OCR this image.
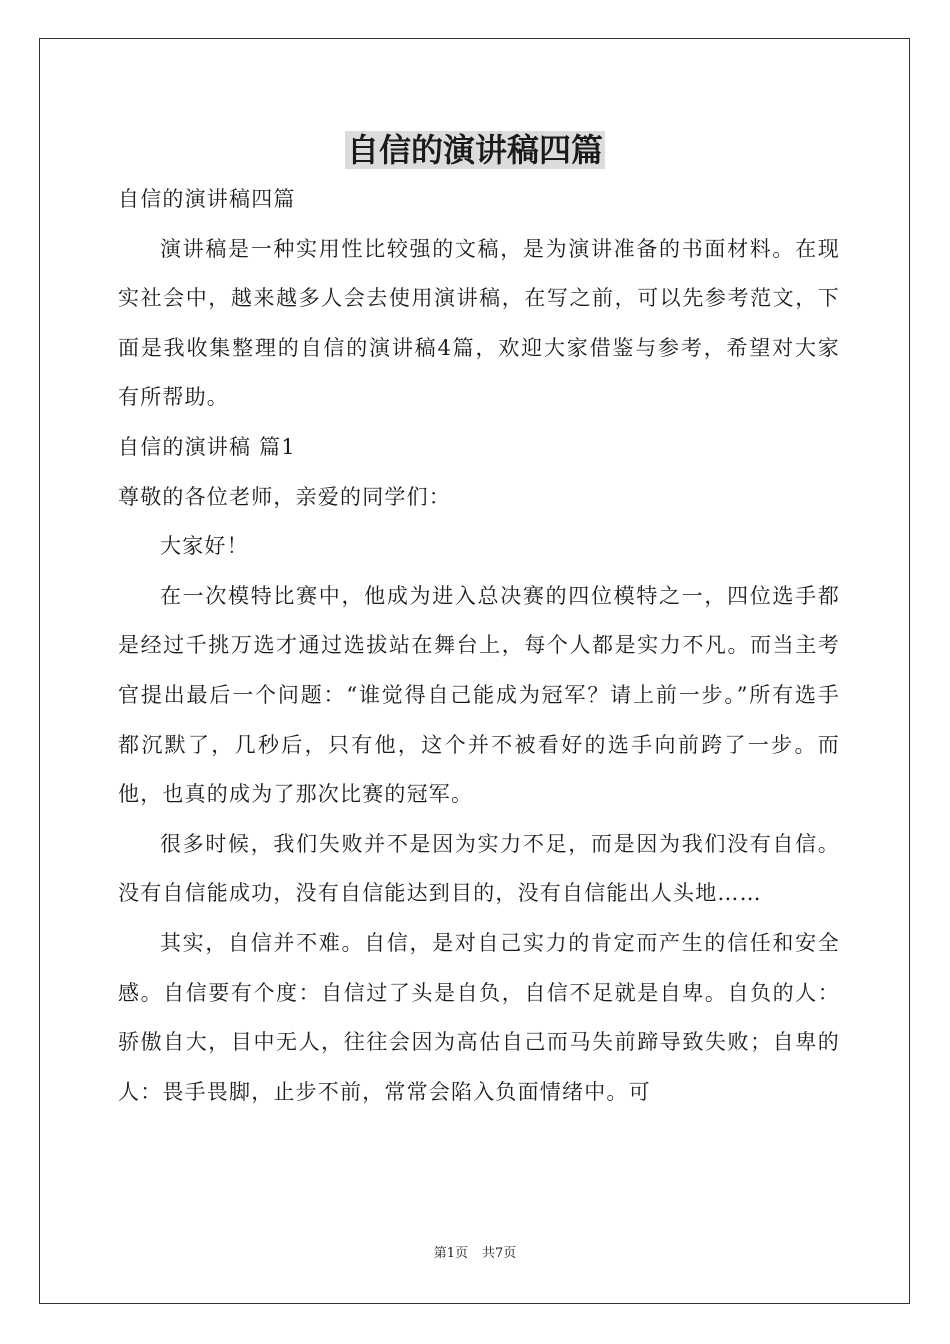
自信的演讲稿四篇

自信的演讲稿四篇

演讲稿是一种实用性比较强的文稿，是为演讲准备的书面材料。在现实社会中，越来越多人会去使用演讲稿，在写之前，可以先参考范文，下面是我收集整理的自信的演讲稿4篇，欢迎大家借鉴与参考，希望对大家有所帮助。

自信的演讲稿 篇1

尊敬的各位老师，亲爱的同学们：

大家好！

在一次模特比赛中，他成为进入总决赛的四位模特之一，四位选手都是经过千挑万选才通过选拔站在舞台上，每个人都是实力不凡。而当主考官提出最后一个问题：“谁觉得自己能成为冠军？请上前一步。”所有选手都沉默了，几秒后，只有他，这个并不被看好的选手向前跨了一步。而他，也真的成为了那次比赛的冠军。

很多时候，我们失败并不是因为实力不足，而是因为我们没有自信。没有自信能成功，没有自信能达到目的，没有自信能出人头地……

其实，自信并不难。自信，是对自己实力的肯定而产生的信任和安全感。自信要有个度：自信过了头是自负，自信不足就是自卑。自负的人：骄傲自大，目中无人，往往会因为高估自己而马失前蹄导致失败；自卑的人：畏手畏脚，止步不前，常常会陷入负面情绪中。可

第1页 共7页
